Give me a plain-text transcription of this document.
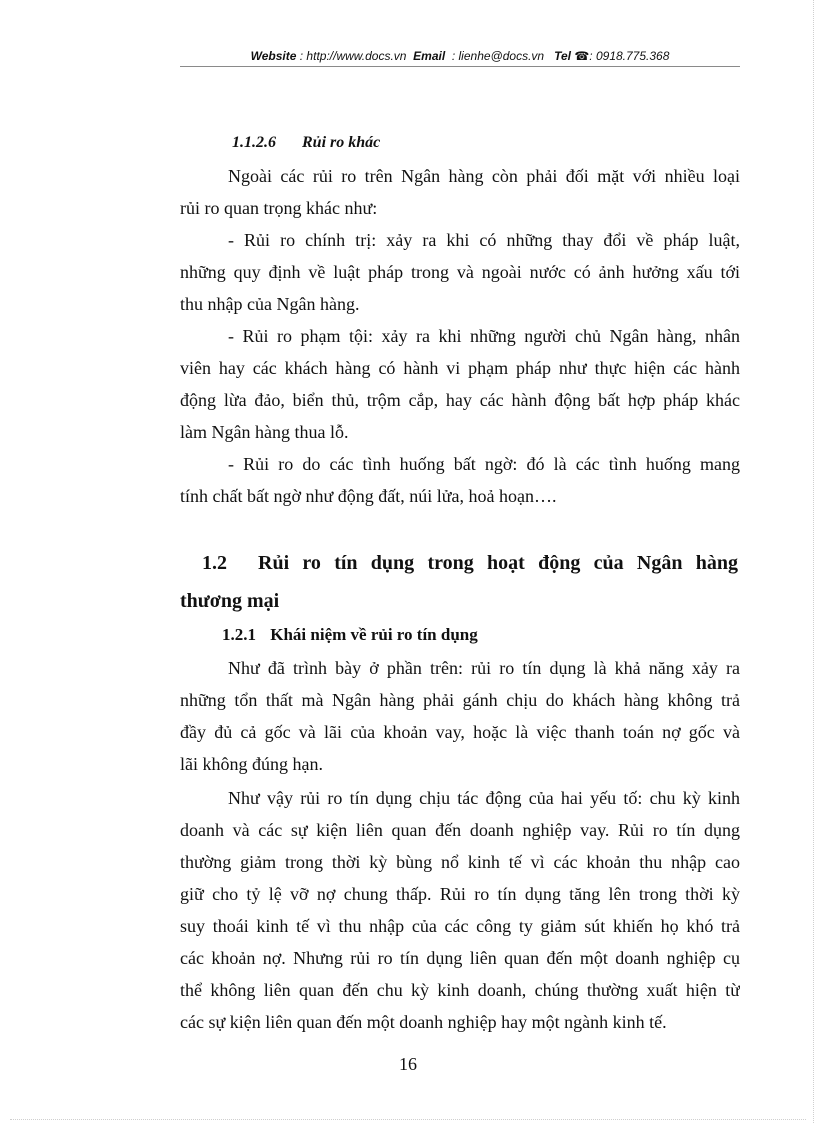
Website : http://www.docs.vn Email : lienhe@docs.vn Tel ☎: 0918.775.368
1.1.2.6 Rủi ro khác
Ngoài các rủi ro trên Ngân hàng còn phải đối mặt với nhiều loại
rủi ro quan trọng khác như:
- Rủi ro chính trị: xảy ra khi có những thay đổi về pháp luật,
những quy định về luật pháp trong và ngoài nước có ảnh hưởng xấu tới
thu nhập của Ngân hàng.
- Rủi ro phạm tội: xảy ra khi những người chủ Ngân hàng, nhân
viên hay các khách hàng có hành vi phạm pháp như thực hiện các hành
động lừa đảo, biển thủ, trộm cắp, hay các hành động bất hợp pháp khác
làm Ngân hàng thua lỗ.
- Rủi ro do các tình huống bất ngờ: đó là các tình huống mang
tính chất bất ngờ như động đất, núi lửa, hoả hoạn….
1.2 Rủi ro tín dụng trong hoạt động của Ngân hàng
thương mại
1.2.1 Khái niệm về rủi ro tín dụng
Như đã trình bày ở phần trên: rủi ro tín dụng là khả năng xảy ra
những tổn thất mà Ngân hàng phải gánh chịu do khách hàng không trả
đầy đủ cả gốc và lãi của khoản vay, hoặc là việc thanh toán nợ gốc và
lãi không đúng hạn.
Như vậy rủi ro tín dụng chịu tác động của hai yếu tố: chu kỳ kinh
doanh và các sự kiện liên quan đến doanh nghiệp vay. Rủi ro tín dụng
thường giảm trong thời kỳ bùng nổ kinh tế vì các khoản thu nhập cao
giữ cho tỷ lệ vỡ nợ chung thấp. Rủi ro tín dụng tăng lên trong thời kỳ
suy thoái kinh tế vì thu nhập của các công ty giảm sút khiến họ khó trả
các khoản nợ. Nhưng rủi ro tín dụng liên quan đến một doanh nghiệp cụ
thể không liên quan đến chu kỳ kinh doanh, chúng thường xuất hiện từ
các sự kiện liên quan đến một doanh nghiệp hay một ngành kinh tế.
16
